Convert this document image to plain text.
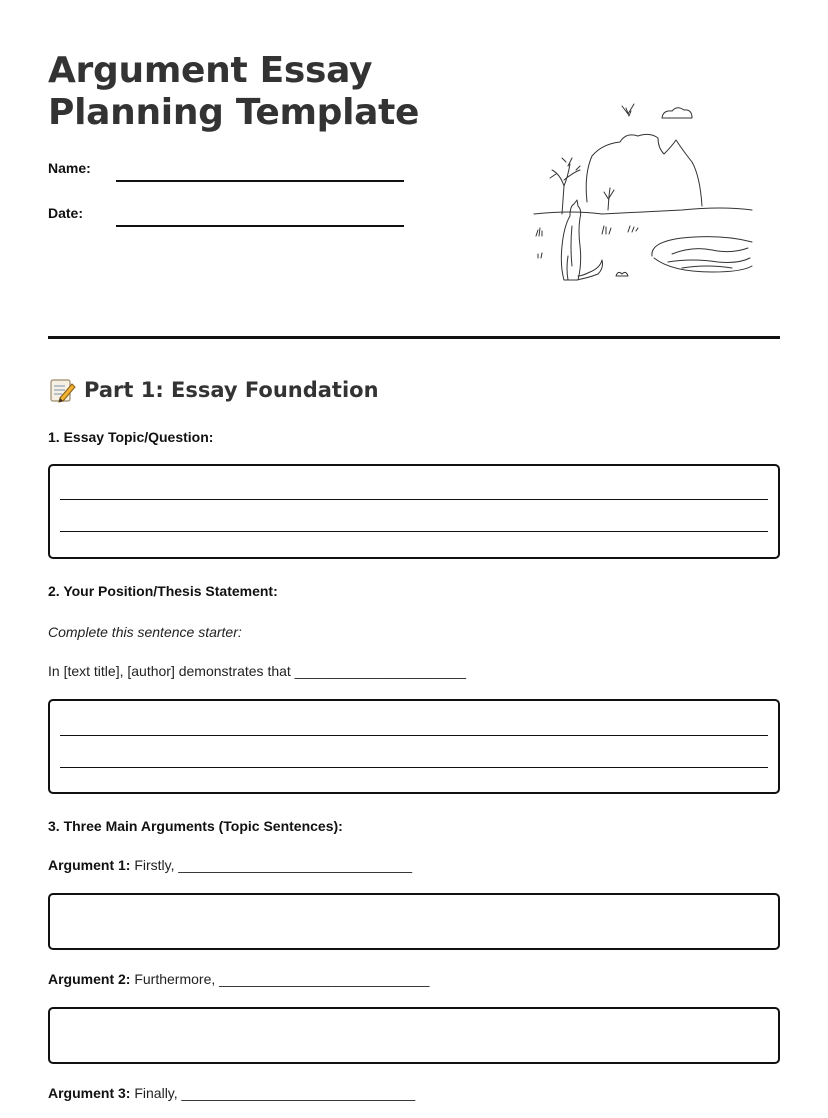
Argument Essay
Planning Template
Name:
Date:
Part 1: Essay Foundation
1. Essay Topic/Question:
2. Your Position/Thesis Statement:
Complete this sentence starter:
In [text title], [author] demonstrates that ______________________
3. Three Main Arguments (Topic Sentences):
Argument 1: Firstly, ______________________________
Argument 2: Furthermore, ___________________________
Argument 3: Finally, ______________________________
